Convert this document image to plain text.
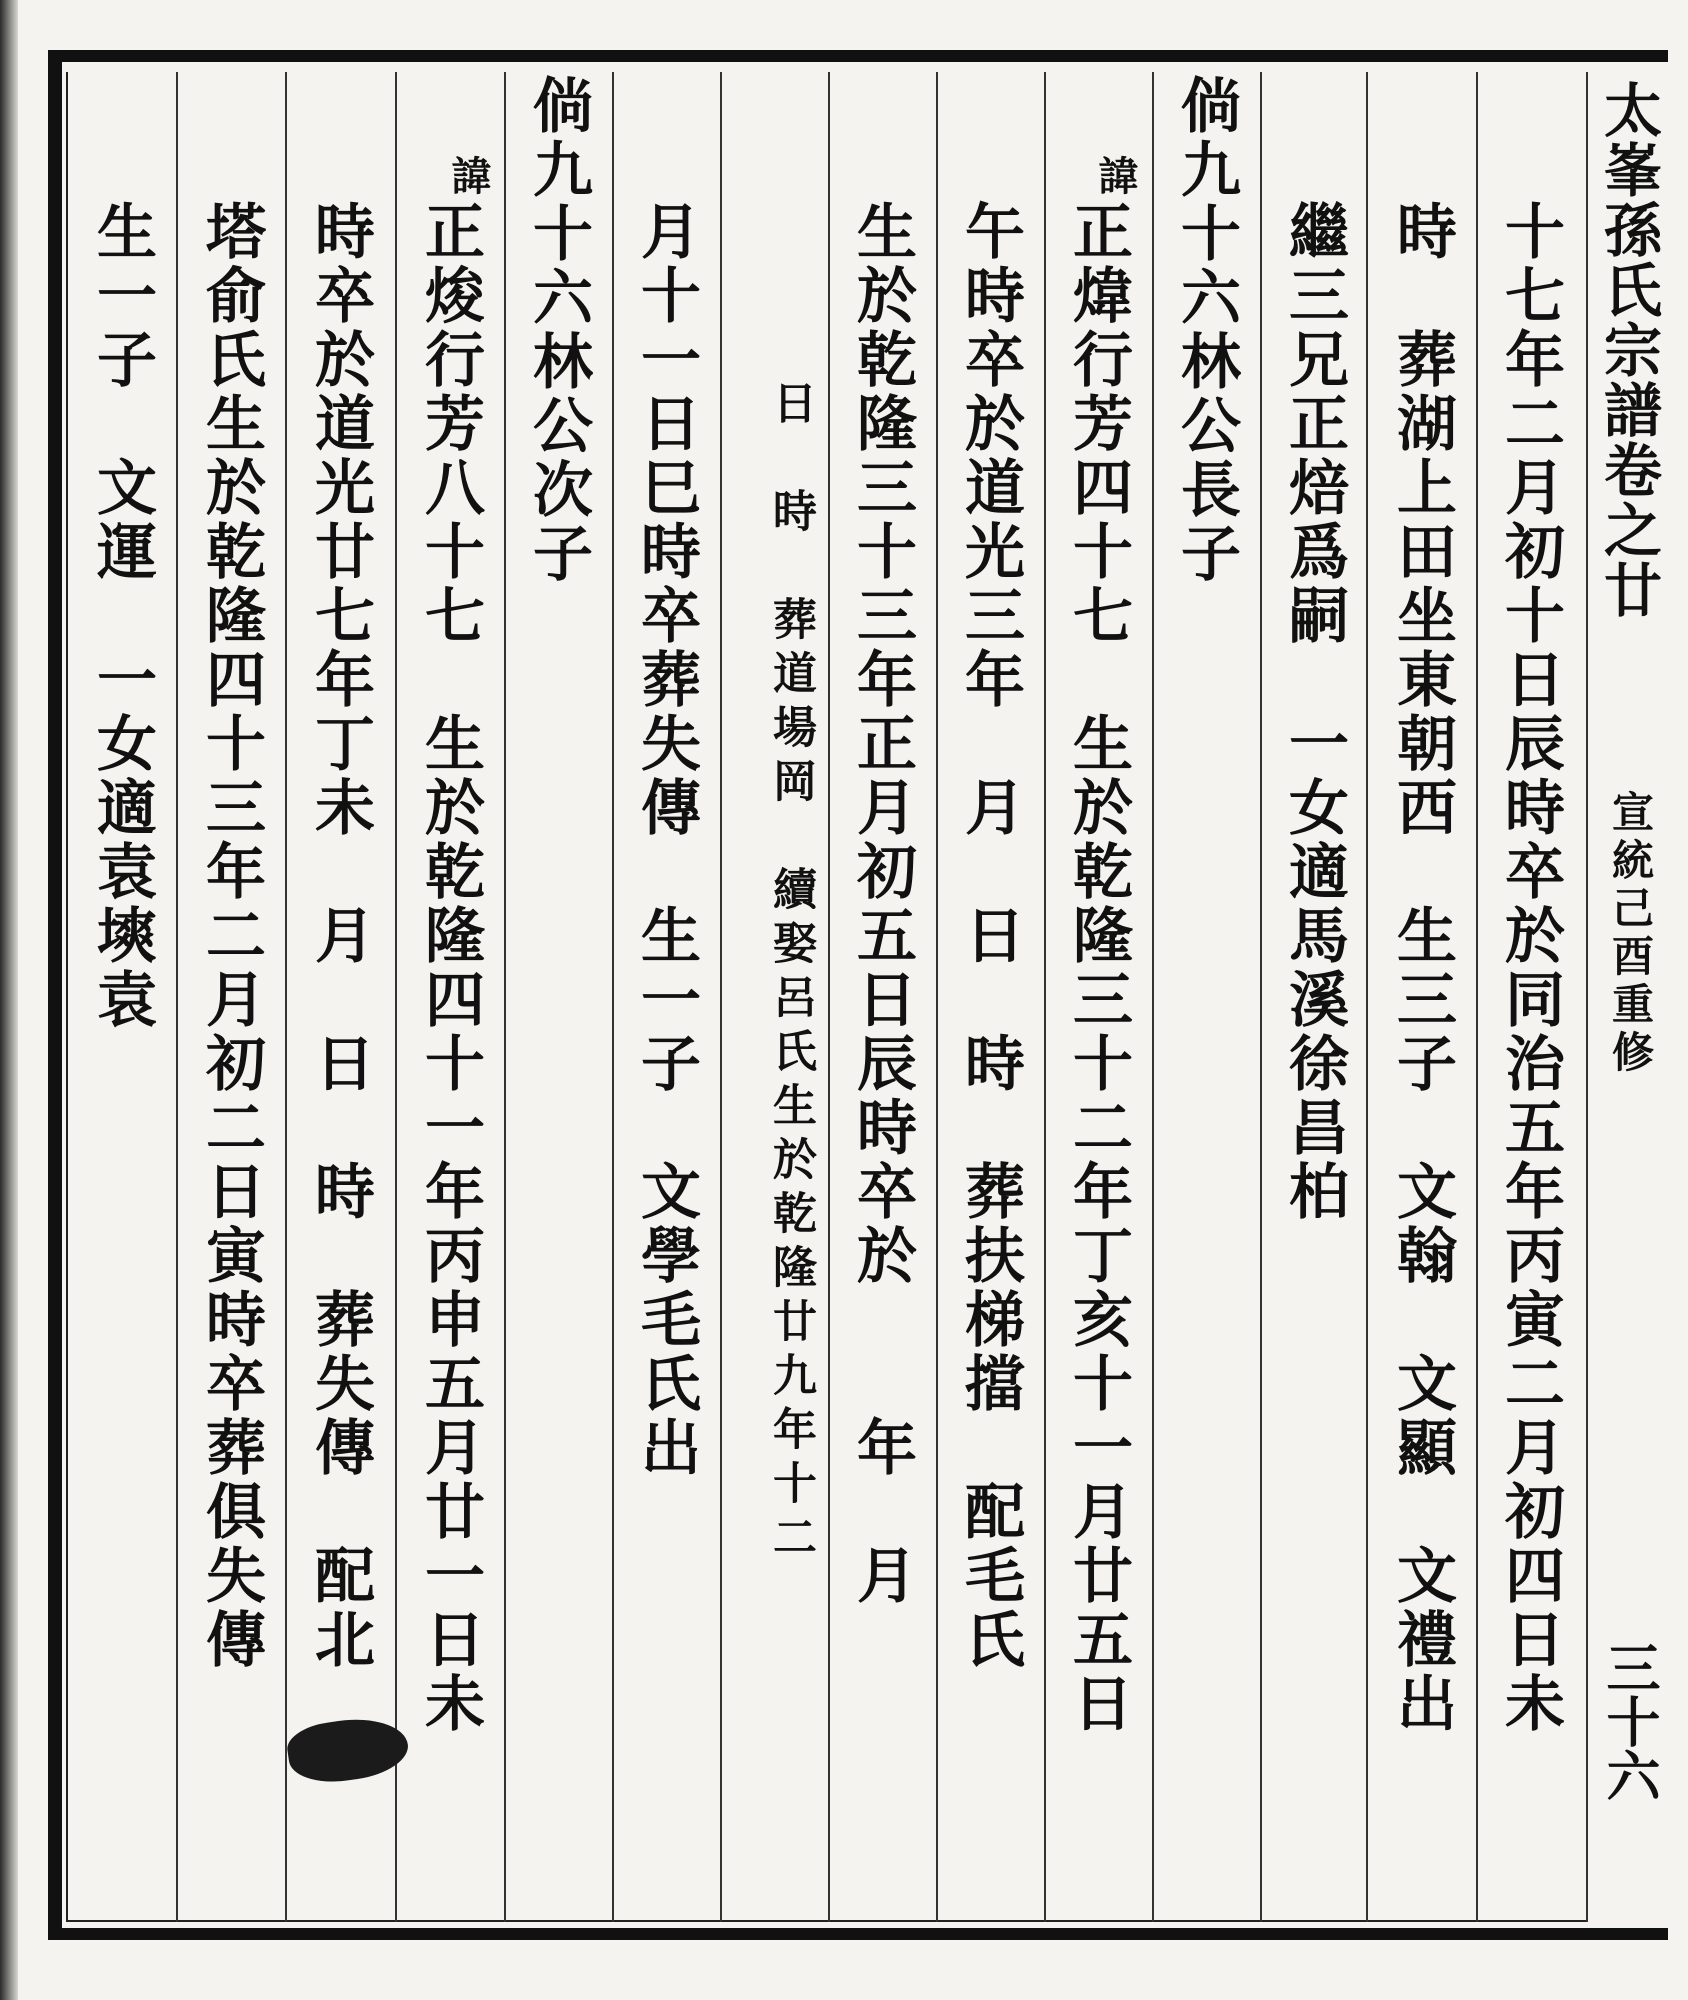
太峯孫氏宗譜卷之廿
宣統己酉重修
三十六
十七年二月初十日辰時卒於同治五年丙寅二月初四日未
時　葬湖上田坐東朝西　生三子　文翰　文顯　文禮出
繼三兄正焙爲嗣　一女適馬溪徐昌柏
倘九十六林公長子
諱
正煒行芳四十七　生於乾隆三十二年丁亥十一月廿五日
午時卒於道光三年　月　日　時　葬扶梯擋　配毛氏
生於乾隆三十三年正月初五日辰時卒於　　年　月
日　時　葬道場岡　續娶呂氏生於乾隆廿九年十二
月十一日巳時卒葬失傳　生一子　文學毛氏出
倘九十六林公次子
諱
正焌行芳八十七　生於乾隆四十一年丙申五月廿一日未
時卒於道光廿七年丁未　月　日　時　葬失傳　配北
塔俞氏生於乾隆四十三年二月初二日寅時卒葬俱失傳
生一子　文運　一女適袁塽袁
